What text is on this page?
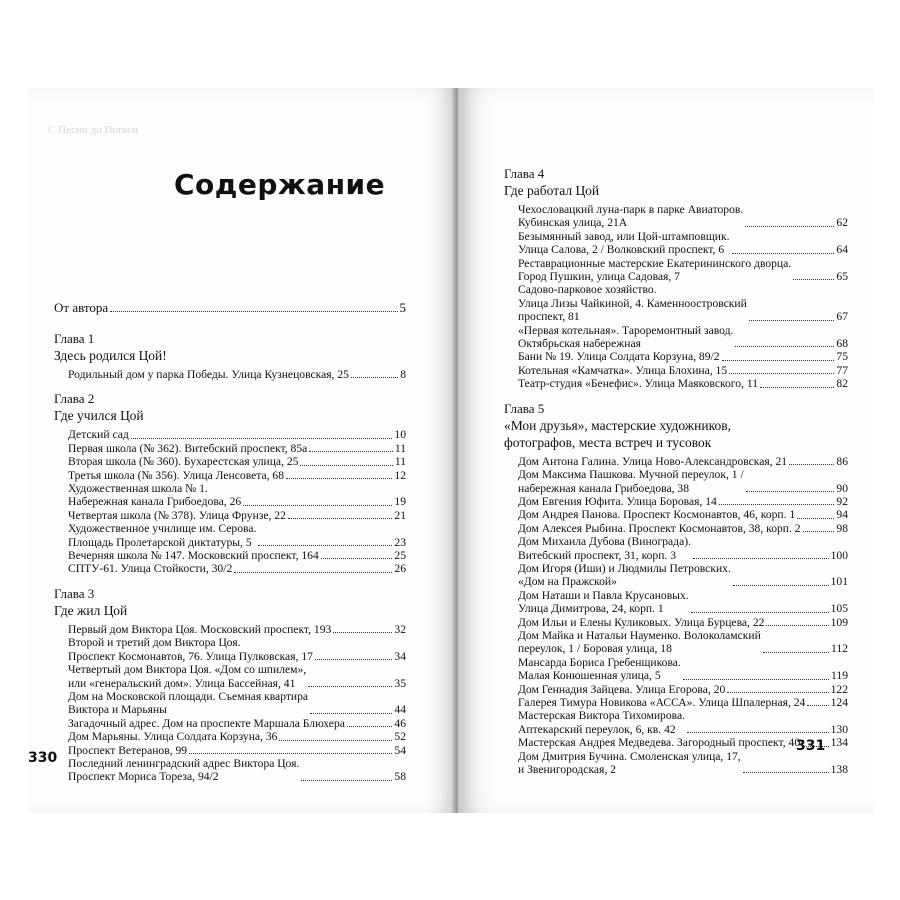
С Песни до Погасн
Содержание
От автора	5
Глава 1
Здесь родился Цой!
Родильный дом у парка Победы. Улица Кузнецовская, 25	8
Глава 2
Где учился Цой
Детский сад	10
Первая школа (№ 362). Витебский проспект, 85а	11
Вторая школа (№ 360). Бухарестская улица, 25	11
Третья школа (№ 356). Улица Ленсовета, 68	12
Художественная школа № 1.
Набережная канала Грибоедова, 26	19
Четвертая школа (№ 378). Улица Фрунзе, 22	21
Художественное училище им. Серова.
Площадь Пролетарской диктатуры, 5	23
Вечерняя школа № 147. Московский проспект, 164	25
СПТУ-61. Улица Стойкости, 30/2	26
Глава 3
Где жил Цой
Первый дом Виктора Цоя. Московский проспект, 193	32
Второй и третий дом Виктора Цоя.
Проспект Космонавтов, 76. Улица Пулковская, 17	34
Четвертый дом Виктора Цоя. «Дом со шпилем»,
или «генеральский дом». Улица Бассейная, 41	35
Дом на Московской площади. Съемная квартира
Виктора и Марьяны	44
Загадочный адрес. Дом на проспекте Маршала Блюхера	46
Дом Марьяны. Улица Солдата Корзуна, 36	52
Проспект Ветеранов, 99	54
Последний ленинградский адрес Виктора Цоя.
Проспект Мориса Тореза, 94/2	58
330
Глава 4
Где работал Цой
Чехословацкий луна-парк в парке Авиаторов.
Кубинская улица, 21А	62
Безымянный завод, или Цой-штамповщик.
Улица Салова, 2 / Волковский проспект, 6	64
Реставрационные мастерские Екатерининского дворца.
Город Пушкин, улица Садовая, 7	65
Садово-парковое хозяйство.
Улица Лизы Чайкиной, 4. Каменноостровский
проспект, 81	67
«Первая котельная». Тароремонтный завод.
Октябрьская набережная	68
Бани № 19. Улица Солдата Корзуна, 89/2	75
Котельная «Камчатка». Улица Блохина, 15	77
Театр-студия «Бенефис». Улица Маяковского, 11	82
Глава 5
«Мои друзья», мастерские художников,
фотографов, места встреч и тусовок
Дом Антона Галина. Улица Ново-Александровская, 21	86
Дом Максима Пашкова. Мучной переулок, 1 /
набережная канала Грибоедова, 38	90
Дом Евгения Юфита. Улица Боровая, 14	92
Дом Андрея Панова. Проспект Космонавтов, 46, корп. 1	94
Дом Алексея Рыбина. Проспект Космонавтов, 38, корп. 2	98
Дом Михаила Дубова (Винограда).
Витебский проспект, 31, корп. 3	100
Дом Игоря (Иши) и Людмилы Петровских.
«Дом на Пражской»	101
Дом Наташи и Павла Крусановых.
Улица Димитрова, 24, корп. 1	105
Дом Ильи и Елены Куликовых. Улица Бурцева, 22	109
Дом Майка и Натальи Науменко. Волоколамский
переулок, 1 / Боровая улица, 18	112
Мансарда Бориса Гребенщикова.
Малая Конюшенная улица, 5	119
Дом Геннадия Зайцева. Улица Егорова, 20	122
Галерея Тимура Новикова «АССА». Улица Шпалерная, 24 124
Мастерская Виктора Тихомирова.
Аптекарский переулок, 6, кв. 42	130
Мастерская Андрея Медведева. Загородный проспект, 40	134
Дом Дмитрия Бучина. Смоленская улица, 17,
и Звенигородская, 2	138
331
